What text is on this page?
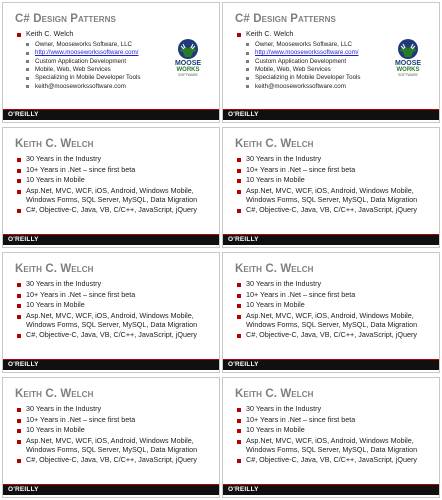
C# Design Patterns
Keith C. Welch
Owner, Mooseworks Software, LLC
http://www.mooseworkssoftware.com/
Custom Application Development
Mobile, Web, Web Services
Specializing in Mobile Developer Tools
keith@mooseworkssoftware.com
MOOSE
WORKS
SOFTWARE
O'REILLY
C# Design Patterns
Keith C. Welch
Owner, Mooseworks Software, LLC
http://www.mooseworkssoftware.com/
Custom Application Development
Mobile, Web, Web Services
Specializing in Mobile Developer Tools
keith@mooseworkssoftware.com
MOOSE
WORKS
SOFTWARE
O'REILLY
Keith C. Welch
30 Years in the Industry
10+ Years in .Net – since first beta
10 Years in Mobile
Asp.Net, MVC, WCF, iOS, Android, Windows Mobile, Windows Forms, SQL Server, MySQL, Data Migration
C#, Objective-C, Java, VB, C/C++, JavaScript, jQuery
O'REILLY
Keith C. Welch
30 Years in the Industry
10+ Years in .Net – since first beta
10 Years in Mobile
Asp.Net, MVC, WCF, iOS, Android, Windows Mobile, Windows Forms, SQL Server, MySQL, Data Migration
C#, Objective-C, Java, VB, C/C++, JavaScript, jQuery
O'REILLY
Keith C. Welch
30 Years in the Industry
10+ Years in .Net – since first beta
10 Years in Mobile
Asp.Net, MVC, WCF, iOS, Android, Windows Mobile, Windows Forms, SQL Server, MySQL, Data Migration
C#, Objective-C, Java, VB, C/C++, JavaScript, jQuery
O'REILLY
Keith C. Welch
30 Years in the Industry
10+ Years in .Net – since first beta
10 Years in Mobile
Asp.Net, MVC, WCF, iOS, Android, Windows Mobile, Windows Forms, SQL Server, MySQL, Data Migration
C#, Objective-C, Java, VB, C/C++, JavaScript, jQuery
O'REILLY
Keith C. Welch
30 Years in the Industry
10+ Years in .Net – since first beta
10 Years in Mobile
Asp.Net, MVC, WCF, iOS, Android, Windows Mobile, Windows Forms, SQL Server, MySQL, Data Migration
C#, Objective-C, Java, VB, C/C++, JavaScript, jQuery
O'REILLY
Keith C. Welch
30 Years in the Industry
10+ Years in .Net – since first beta
10 Years in Mobile
Asp.Net, MVC, WCF, iOS, Android, Windows Mobile, Windows Forms, SQL Server, MySQL, Data Migration
C#, Objective-C, Java, VB, C/C++, JavaScript, jQuery
O'REILLY
